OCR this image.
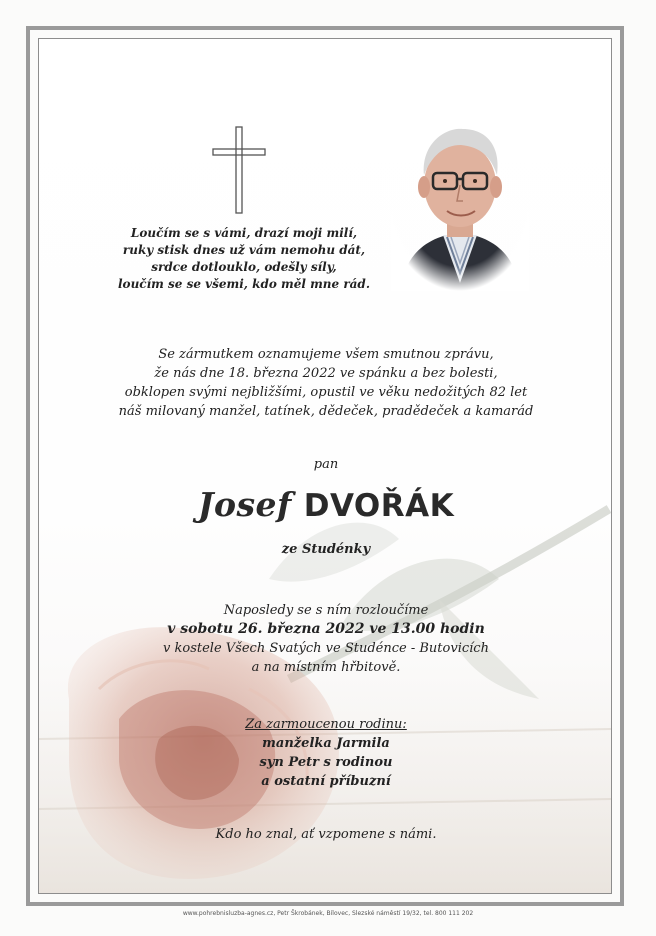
Loučím se s vámi, drazí moji milí,
ruky stisk dnes už vám nemohu dát,
srdce dotlouklo, odešly síly,
loučím se se všemi, kdo měl mne rád.
Se zármutkem oznamujeme všem smutnou zprávu,
že nás dne 18. března 2022 ve spánku a bez bolesti,
obklopen svými nejbližšími, opustil ve věku nedožitých 82 let
náš milovaný manžel, tatínek, dědeček, pradědeček a kamarád
pan
Josef DVOŘÁK
ze Studénky
Naposledy se s ním rozloučíme
v sobotu 26. března 2022 ve 13.00 hodin
v kostele Všech Svatých ve Studénce - Butovicích
a na místním hřbitově.
Za zarmoucenou rodinu:
manželka Jarmila
syn Petr s rodinou
a ostatní příbuzní
Kdo ho znal, ať vzpomene s námi.
www.pohrebnisluzba-agnes.cz, Petr Škrobánek, Bílovec, Slezské náměstí 19/32, tel. 800 111 202
